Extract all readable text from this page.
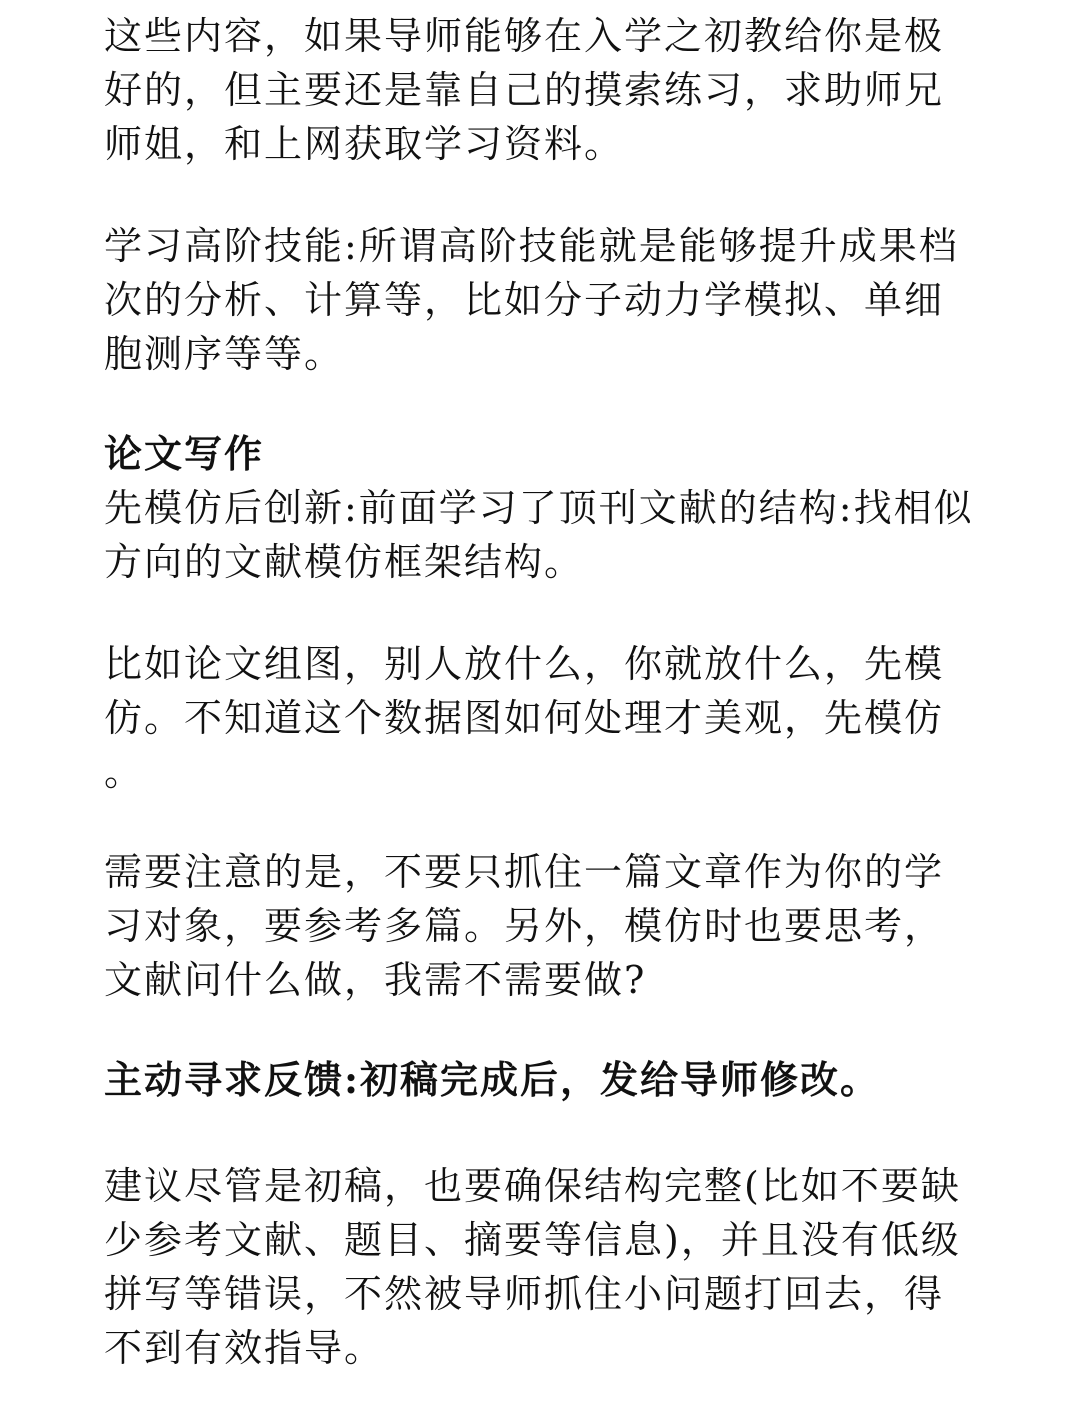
这些内容，如果导师能够在入学之初教给你是极
好的，但主要还是靠自己的摸索练习，求助师兄
师姐，和上网获取学习资料。
学习高阶技能:所谓高阶技能就是能够提升成果档
次的分析、计算等，比如分子动力学模拟、单细
胞测序等等。
论文写作
先模仿后创新:前面学习了顶刊文献的结构:找相似
方向的文献模仿框架结构。
比如论文组图，别人放什么，你就放什么，先模
仿。不知道这个数据图如何处理才美观，先模仿
。
需要注意的是，不要只抓住一篇文章作为你的学
习对象，要参考多篇。另外，模仿时也要思考，
文献问什么做，我需不需要做?
主动寻求反馈:初稿完成后，发给导师修改。
建议尽管是初稿，也要确保结构完整(比如不要缺
少参考文献、题目、摘要等信息)，并且没有低级
拼写等错误，不然被导师抓住小问题打回去，得
不到有效指导。
